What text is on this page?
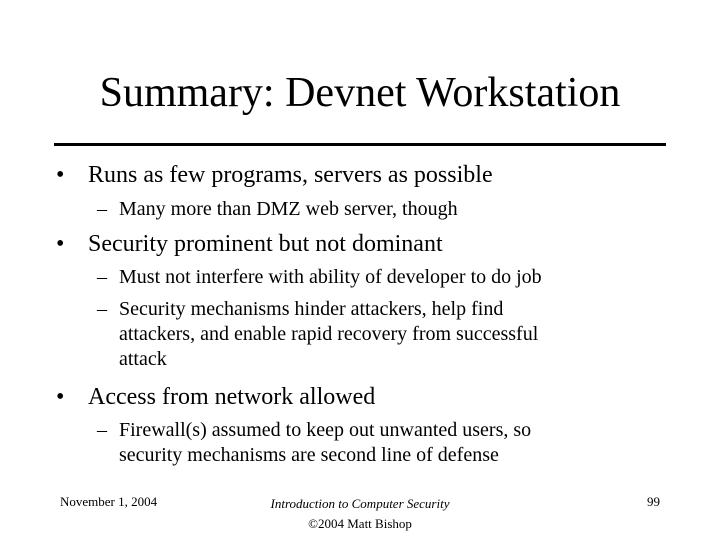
Summary: Devnet Workstation
• Runs as few programs, servers as possible
– Many more than DMZ web server, though
• Security prominent but not dominant
– Must not interfere with ability of developer to do job
– Security mechanisms hinder attackers, help find
attackers, and enable rapid recovery from successful
attack
• Access from network allowed
– Firewall(s) assumed to keep out unwanted users, so
security mechanisms are second line of defense
November 1, 2004	Introduction to Computer Security
©2004 Matt Bishop
99
